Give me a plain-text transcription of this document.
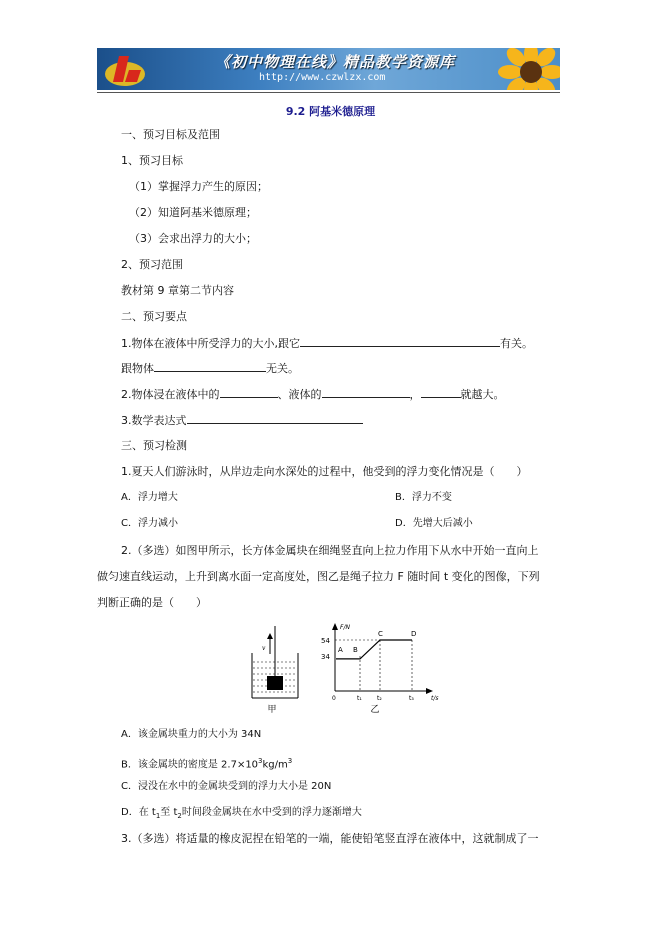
《初中物理在线》精品教学资源库
http://www.czwlzx.com
9.2 阿基米德原理
一、预习目标及范围
1、预习目标
（1）掌握浮力产生的原因；
（2）知道阿基米德原理；
（3）会求出浮力的大小；
2、预习范围
教材第 9 章第二节内容
二、预习要点
1.物体在液体中所受浮力的大小,跟它	有关。
跟物体	无关。
2.物体浸在液体中的	、液体的	，	就越大。
3.数学表达式
三、预习检测
1.夏天人们游泳时，从岸边走向水深处的过程中，他受到的浮力变化情况是（　　）
A．浮力增大	B．浮力不变
C．浮力减小	D．先增大后减小
2.（多选）如图甲所示，长方体金属块在细绳竖直向上拉力作用下从水中开始一直向上
做匀速直线运动，上升到离水面一定高度处，图乙是绳子拉力 F 随时间 t 变化的图像，下列
判断正确的是（　　）
v
甲
F/N
t/s
0
54
34
A B
C	D
t₁	t₂	t₃
乙
A．该金属块重力的大小为 34N
B．该金属块的密度是 $2.7\times 10^3kg/m^3$
C．浸没在水中的金属块受到的浮力大小是 20N
D．在 $t_1$至 $t_2$时间段金属块在水中受到的浮力逐渐增大
3.（多选）将适量的橡皮泥捏在铅笔的一端，能使铅笔竖直浮在液体中，这就制成了一
